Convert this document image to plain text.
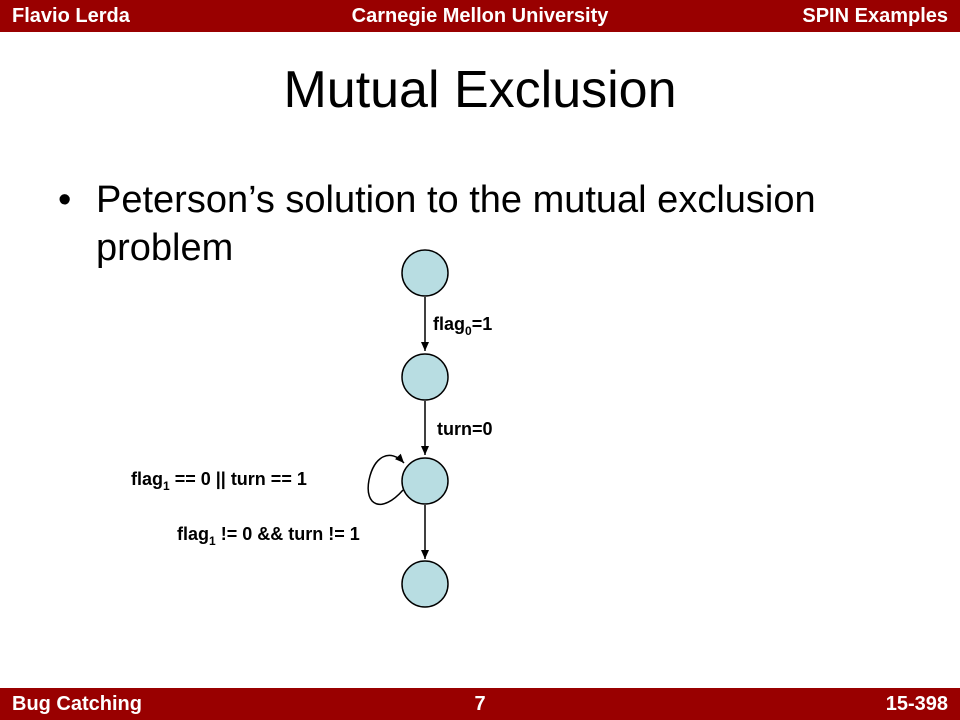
Flavio Lerda	Carnegie Mellon University	SPIN Examples
Mutual Exclusion
• Peterson’s solution to the mutual exclusion problem
flag$_0$=1
turn=0
flag$_1$ == 0 || turn == 1
flag$_1$ != 0 && turn != 1
Bug Catching	7	15-398
